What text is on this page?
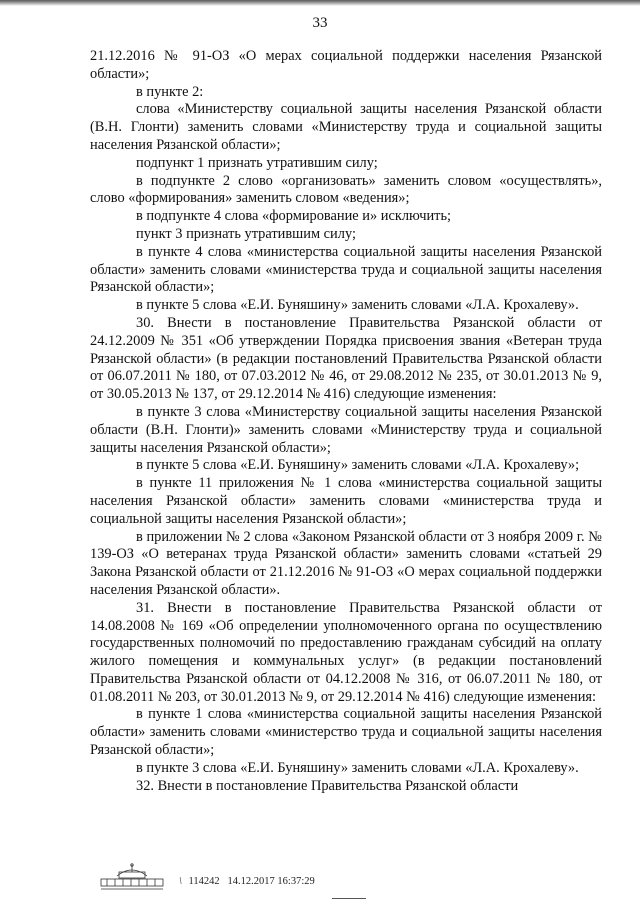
33

21.12.2016 № 91-ОЗ «О мерах социальной поддержки населения Рязанской области»;

в пункте 2:

слова «Министерству социальной защиты населения Рязанской области (В.Н. Глонти) заменить словами «Министерству труда и социальной защиты населения Рязанской области»;

подпункт 1 признать утратившим силу;

в подпункте 2 слово «организовать» заменить словом «осуществлять», слово «формирования» заменить словом «ведения»;

в подпункте 4 слова «формирование и» исключить;

пункт 3 признать утратившим силу;

в пункте 4 слова «министерства социальной защиты населения Рязанской области» заменить словами «министерства труда и социальной защиты населения Рязанской области»;

в пункте 5 слова «Е.И. Буняшину» заменить словами «Л.А. Крохалеву».

30. Внести в постановление Правительства Рязанской области от 24.12.2009 № 351 «Об утверждении Порядка присвоения звания «Ветеран труда Рязанской области» (в редакции постановлений Правительства Рязанской области от 06.07.2011 № 180, от 07.03.2012 № 46, от 29.08.2012 № 235, от 30.01.2013 № 9, от 30.05.2013 № 137, от 29.12.2014 № 416) следующие изменения:

в пункте 3 слова «Министерству социальной защиты населения Рязанской области (В.Н. Глонти)» заменить словами «Министерству труда и социальной защиты населения Рязанской области»;

в пункте 5 слова «Е.И. Буняшину» заменить словами «Л.А. Крохалеву»;

в пункте 11 приложения № 1 слова «министерства социальной защиты населения Рязанской области» заменить словами «министерства труда и социальной защиты населения Рязанской области»;

в приложении № 2 слова «Законом Рязанской области от 3 ноября 2009 г. № 139-ОЗ «О ветеранах труда Рязанской области» заменить словами «статьей 29 Закона Рязанской области от 21.12.2016 № 91-ОЗ «О мерах социальной поддержки населения Рязанской области».

31. Внести в постановление Правительства Рязанской области от 14.08.2008 № 169 «Об определении уполномоченного органа по осуществлению государственных полномочий по предоставлению гражданам субсидий на оплату жилого помещения и коммунальных услуг» (в редакции постановлений Правительства Рязанской области от 04.12.2008 № 316, от 06.07.2011 № 180, от 01.08.2011 № 203, от 30.01.2013 № 9, от 29.12.2014 № 416) следующие изменения:

в пункте 1 слова «министерства социальной защиты населения Рязанской области» заменить словами «министерство труда и социальной защиты населения Рязанской области»;

в пункте 3 слова «Е.И. Буняшину» заменить словами «Л.А. Крохалеву».

32. Внести в постановление Правительства Рязанской области

\ 114242 14.12.2017 16:37:29
